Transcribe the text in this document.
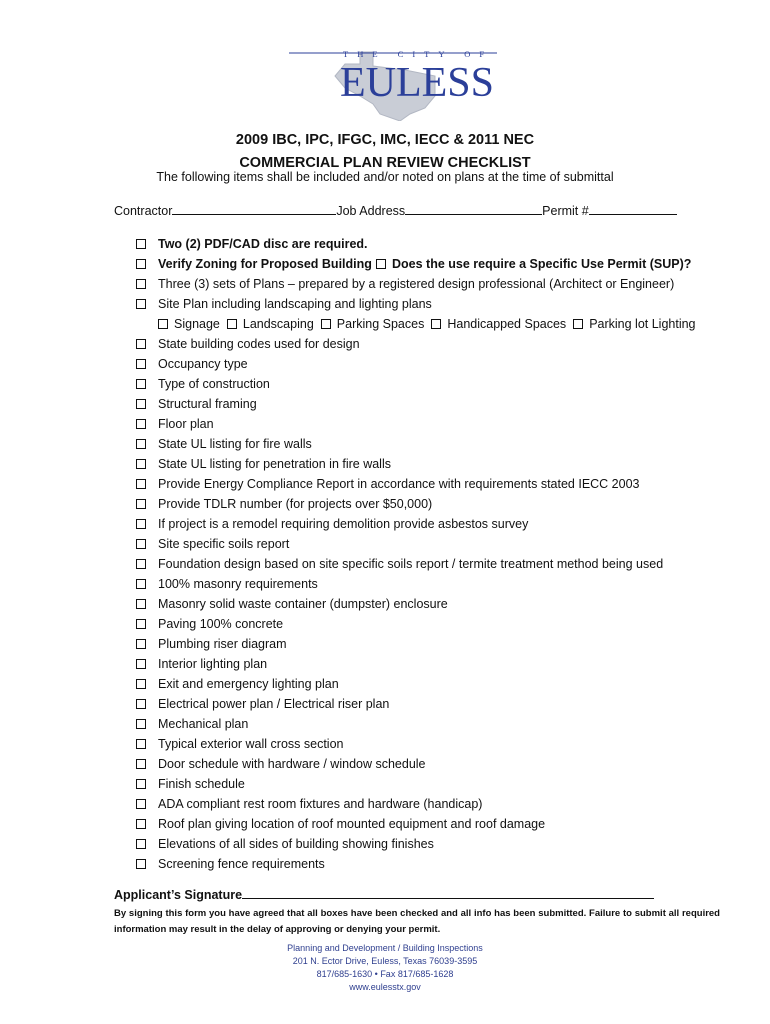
THE CITY OF
EULESS
2009 IBC, IPC, IFGC, IMC, IECC & 2011 NEC
COMMERCIAL PLAN REVIEW CHECKLIST
The following items shall be included and/or noted on plans at the time of submittal
Contractor	Job Address	Permit #
Two (2) PDF/CAD disc are required.
Verify Zoning for Proposed Building	Does the use require a Specific Use Permit (SUP)?
Three (3) sets of Plans – prepared by a registered design professional (Architect or Engineer)
Site Plan including landscaping and lighting plans
Signage Landscaping Parking Spaces Handicapped Spaces Parking lot Lighting
State building codes used for design
Occupancy type
Type of construction
Structural framing
Floor plan
State UL listing for fire walls
State UL listing for penetration in fire walls
Provide Energy Compliance Report in accordance with requirements stated IECC 2003
Provide TDLR number (for projects over $50,000)
If project is a remodel requiring demolition provide asbestos survey
Site specific soils report
Foundation design based on site specific soils report / termite treatment method being used
100% masonry requirements
Masonry solid waste container (dumpster) enclosure
Paving 100% concrete
Plumbing riser diagram
Interior lighting plan
Exit and emergency lighting plan
Electrical power plan / Electrical riser plan
Mechanical plan
Typical exterior wall cross section
Door schedule with hardware / window schedule
Finish schedule
ADA compliant rest room fixtures and hardware (handicap)
Roof plan giving location of roof mounted equipment and roof damage
Elevations of all sides of building showing finishes
Screening fence requirements
Applicant’s Signature
By signing this form you have agreed that all boxes have been checked and all info has been submitted. Failure to submit all required information may result in the delay of approving or denying your permit.
Planning and Development / Building Inspections
201 N. Ector Drive, Euless, Texas 76039-3595
817/685-1630 • Fax 817/685-1628
www.eulesstx.gov
